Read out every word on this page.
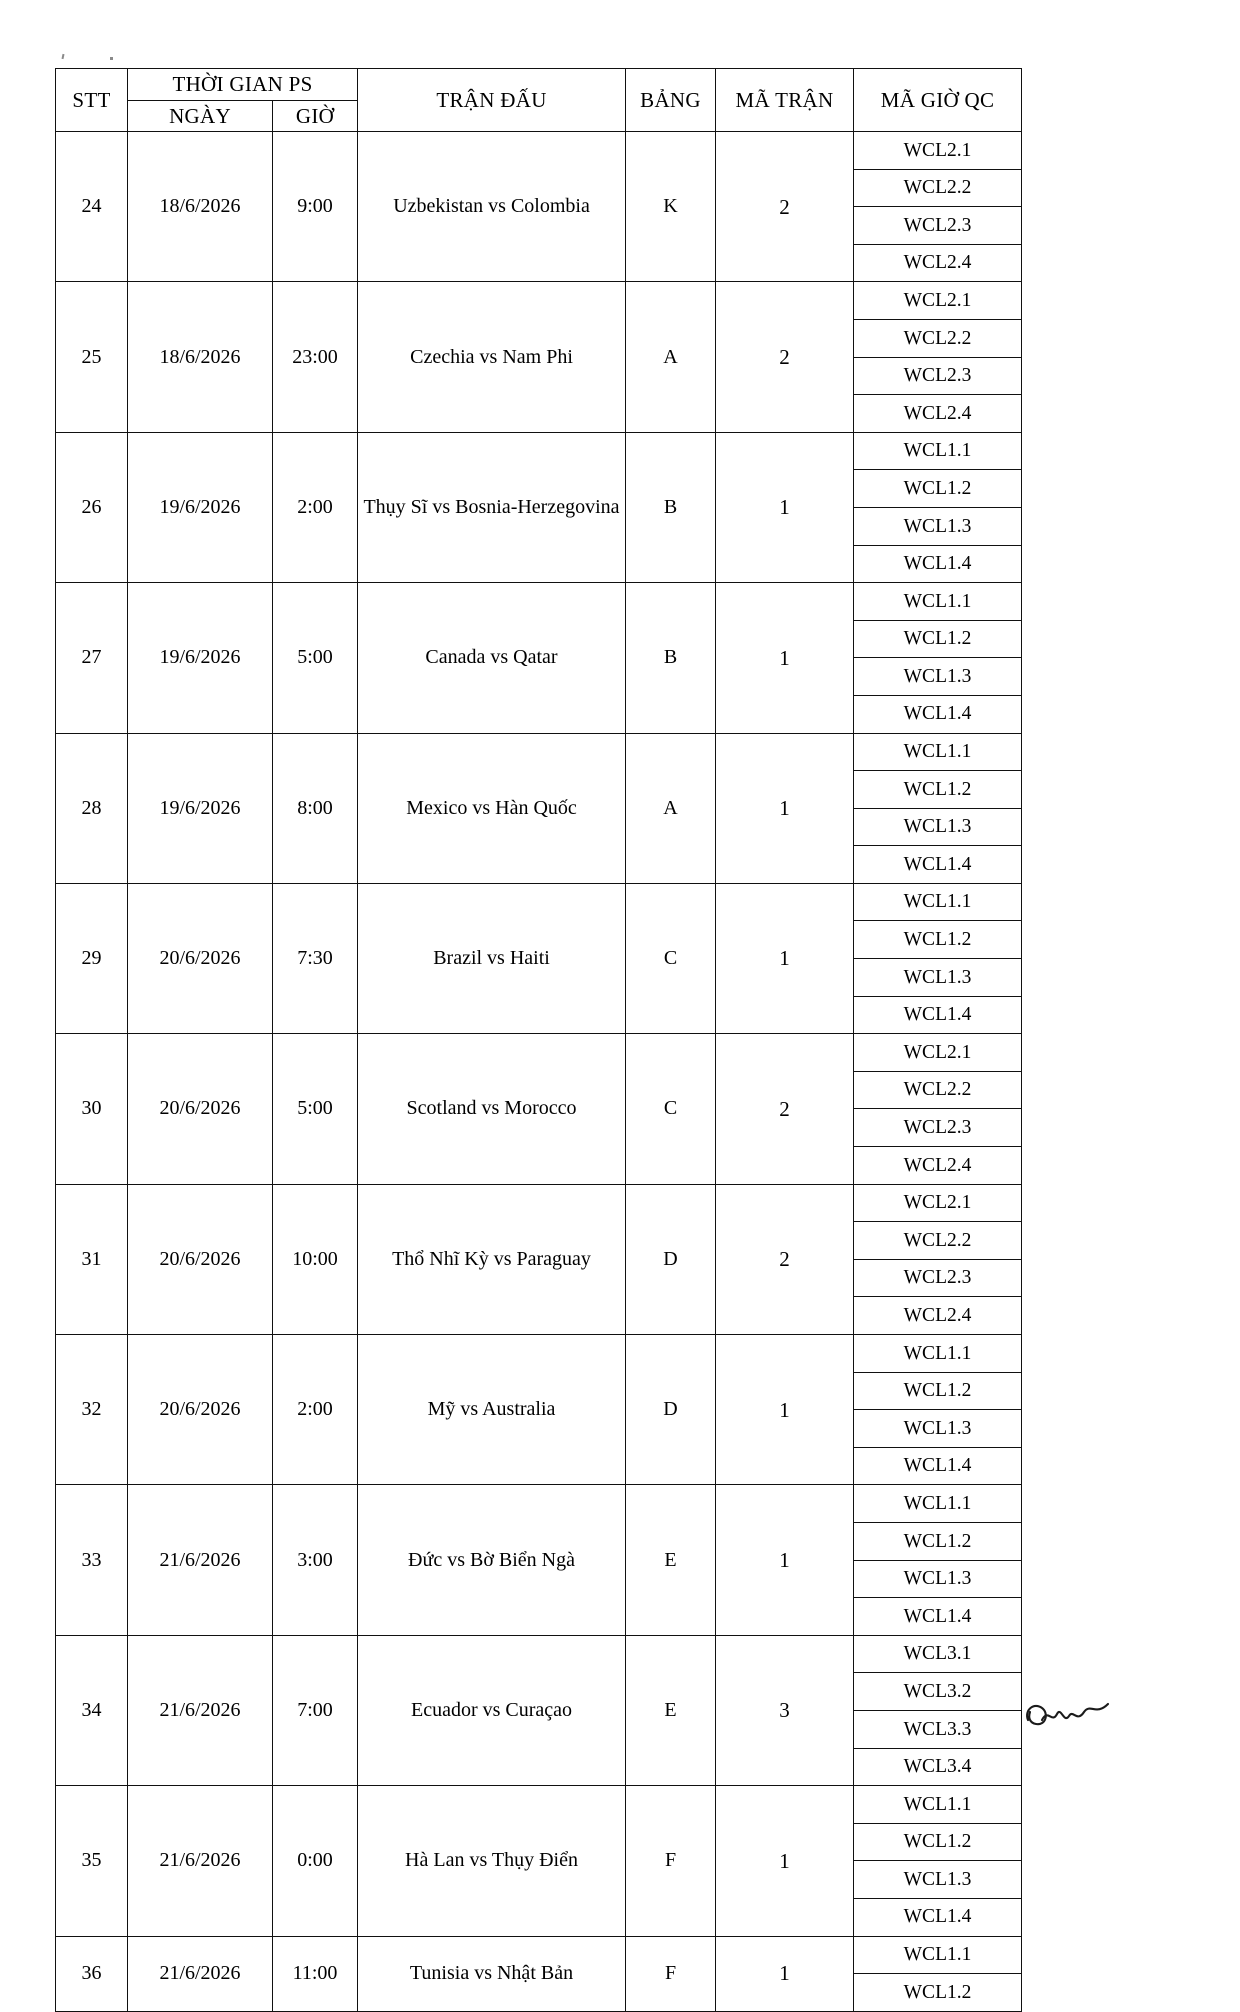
STT	THỜI GIAN PS		TRẬN ĐẤU	BẢNG	MÃ TRẬN	MÃ GIỜ QC
	NGÀY	GIỜ				
24	18/6/2026	9:00	Uzbekistan vs Colombia	K	2	WCL2.1
						WCL2.2
						WCL2.3
						WCL2.4
25	18/6/2026	23:00	Czechia vs Nam Phi	A	2	WCL2.1
						WCL2.2
						WCL2.3
						WCL2.4
26	19/6/2026	2:00	Thụy Sĩ vs Bosnia-Herzegovina	B	1	WCL1.1
						WCL1.2
						WCL1.3
						WCL1.4
27	19/6/2026	5:00	Canada vs Qatar	B	1	WCL1.1
						WCL1.2
						WCL1.3
						WCL1.4
28	19/6/2026	8:00	Mexico vs Hàn Quốc	A	1	WCL1.1
						WCL1.2
						WCL1.3
						WCL1.4
29	20/6/2026	7:30	Brazil vs Haiti	C	1	WCL1.1
						WCL1.2
						WCL1.3
						WCL1.4
30	20/6/2026	5:00	Scotland vs Morocco	C	2	WCL2.1
						WCL2.2
						WCL2.3
						WCL2.4
31	20/6/2026	10:00	Thổ Nhĩ Kỳ vs Paraguay	D	2	WCL2.1
						WCL2.2
						WCL2.3
						WCL2.4
32	20/6/2026	2:00	Mỹ vs Australia	D	1	WCL1.1
						WCL1.2
						WCL1.3
						WCL1.4
33	21/6/2026	3:00	Đức vs Bờ Biển Ngà	E	1	WCL1.1
						WCL1.2
						WCL1.3
						WCL1.4
34	21/6/2026	7:00	Ecuador vs Curaçao	E	3	WCL3.1
						WCL3.2
						WCL3.3
						WCL3.4
35	21/6/2026	0:00	Hà Lan vs Thụy Điển	F	1	WCL1.1
						WCL1.2
						WCL1.3
						WCL1.4
36	21/6/2026	11:00	Tunisia vs Nhật Bản	F	1	WCL1.1
						WCL1.2
